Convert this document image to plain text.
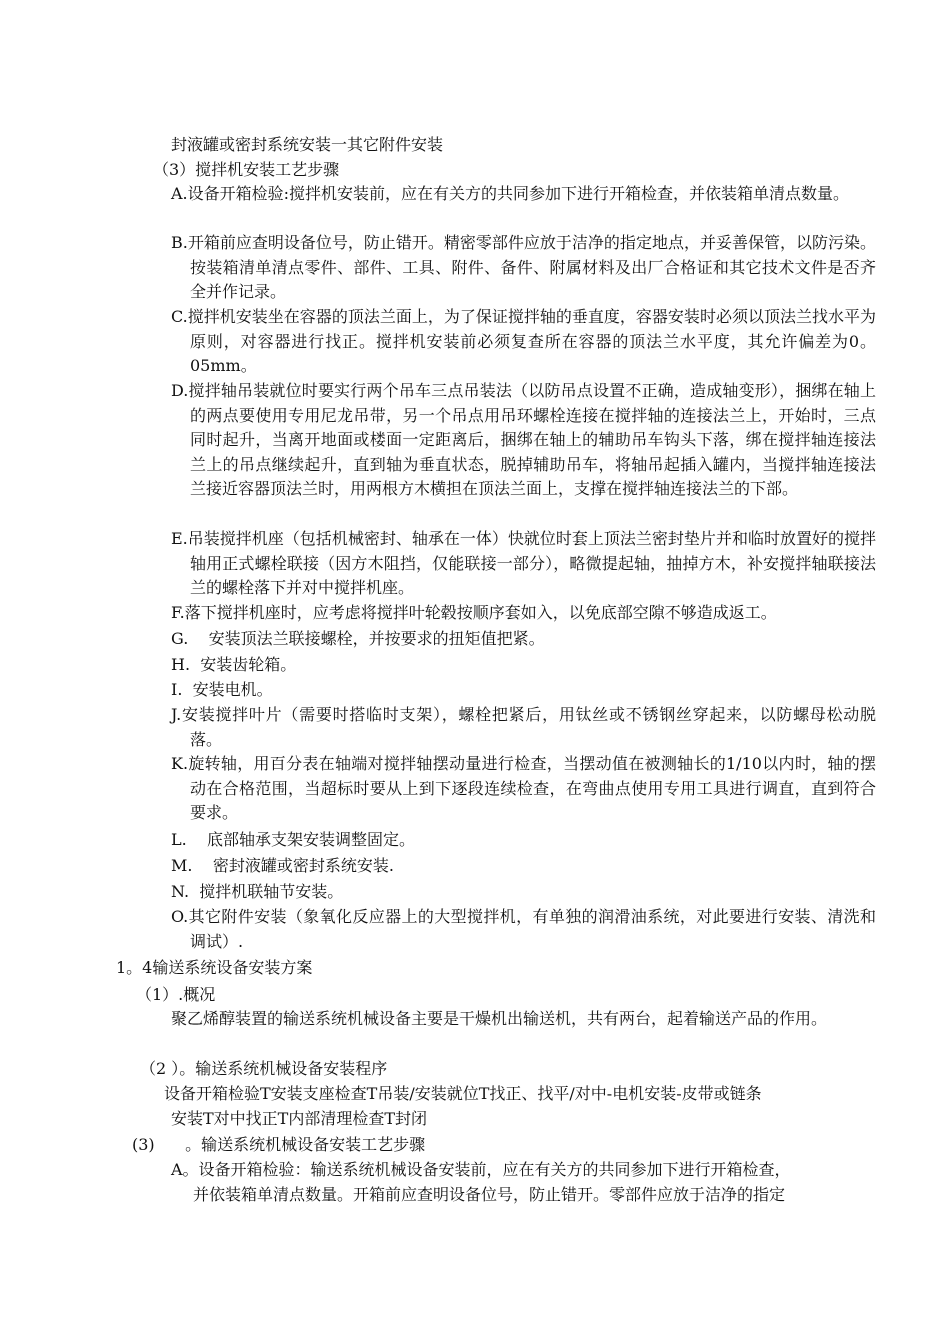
封液罐或密封系统安装一其它附件安装
（3）搅拌机安装工艺步骤

A.设备开箱检验:搅拌机安装前，应在有关方的共同参加下进行开箱检查，并依装箱单清点数量。

B.开箱前应查明设备位号，防止错开。精密零部件应放于洁净的指定地点，并妥善保管，以防污染。按装箱清单清点零件、部件、工具、附件、备件、附属材料及出厂合格证和其它技术文件是否齐全并作记录。

C.搅拌机安装坐在容器的顶法兰面上，为了保证搅拌轴的垂直度，容器安装时必须以顶法兰找水平为原则，对容器进行找正。搅拌机安装前必须复查所在容器的顶法兰水平度，其允许偏差为0。05mm。

D.搅拌轴吊装就位时要实行两个吊车三点吊装法（以防吊点设置不正确，造成轴变形），捆绑在轴上的两点要使用专用尼龙吊带，另一个吊点用吊环螺栓连接在搅拌轴的连接法兰上，开始时，三点同时起升，当离开地面或楼面一定距离后，捆绑在轴上的辅助吊车钩头下落，绑在搅拌轴连接法兰上的吊点继续起升，直到轴为垂直状态，脱掉辅助吊车，将轴吊起插入罐内，当搅拌轴连接法兰接近容器顶法兰时，用两根方木横担在顶法兰面上，支撑在搅拌轴连接法兰的下部。

E.吊装搅拌机座（包括机械密封、轴承在一体）快就位时套上顶法兰密封垫片并和临时放置好的搅拌轴用正式螺栓联接（因方木阻挡，仅能联接一部分），略微提起轴，抽掉方木，补安搅拌轴联接法兰的螺栓落下并对中搅拌机座。

F.落下搅拌机座时，应考虑将搅拌叶轮毂按顺序套如入，以免底部空隙不够造成返工。

G.    安装顶法兰联接螺栓，并按要求的扭矩值把紧。
H.  安装齿轮箱。
I.  安装电机。

J.安装搅拌叶片（需要时搭临时支架），螺栓把紧后，用钛丝或不锈钢丝穿起来，以防螺母松动脱落。

K.旋转轴，用百分表在轴端对搅拌轴摆动量进行检查，当摆动值在被测轴长的1/10以内时，轴的摆动在合格范围，当超标时要从上到下逐段连续检查，在弯曲点使用专用工具进行调直，直到符合要求。

L.    底部轴承支架安装调整固定。
M.    密封液罐或密封系统安装.
N.  搅拌机联轴节安装。

O.其它附件安装（象氧化反应器上的大型搅拌机，有单独的润滑油系统，对此要进行安装、清洗和调试）.

1。4输送系统设备安装方案
（1）.概况

聚乙烯醇装置的输送系统机械设备主要是干燥机出输送机，共有两台，起着输送产品的作用。

（2 ）。输送系统机械设备安装程序
设备开箱检验T安装支座检查T吊装/安装就位T找正、找平/对中-电机安装-皮带或链条
安装T对中找正T内部清理检查T封闭
(3)      。输送系统机械设备安装工艺步骤
A。设备开箱检验：输送系统机械设备安装前，应在有关方的共同参加下进行开箱检查，
并依装箱单清点数量。开箱前应查明设备位号，防止错开。零部件应放于洁净的指定
